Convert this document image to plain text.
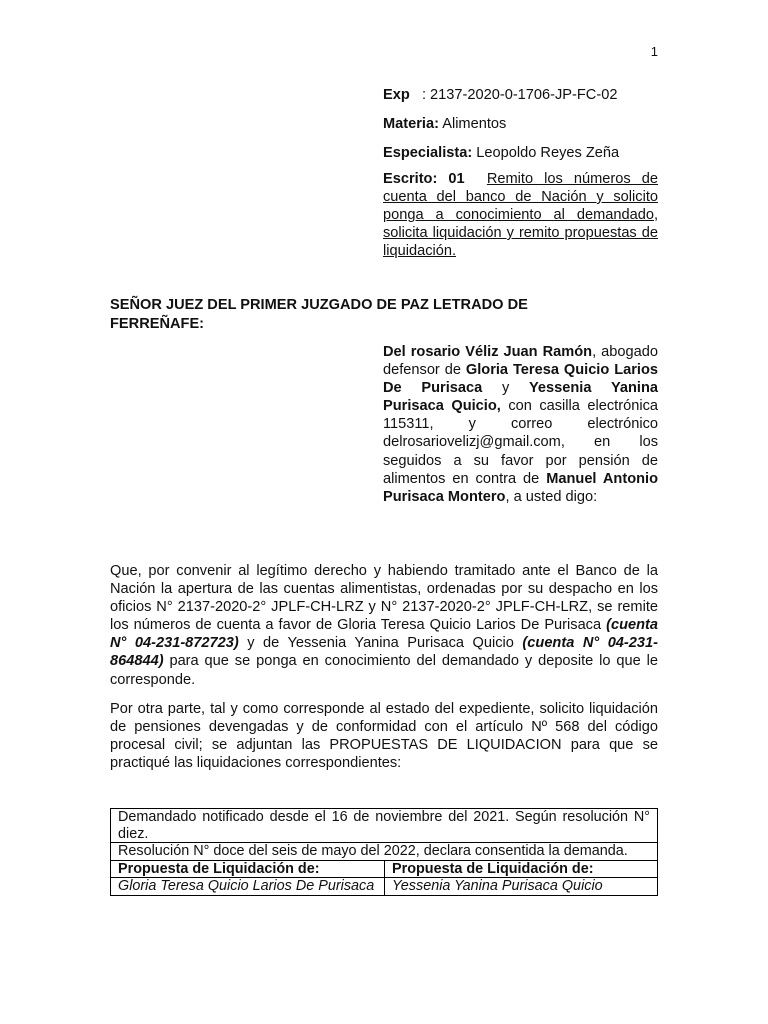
1
Exp : 2137-2020-0-1706-JP-FC-02
Materia: Alimentos
Especialista: Leopoldo Reyes Zeña
Escrito: 01 Remito los números de cuenta del banco de Nación y solicito ponga a conocimiento al demandado, solicita liquidación y remito propuestas de liquidación.
SEÑOR JUEZ DEL PRIMER JUZGADO DE PAZ LETRADO DE FERREÑAFE:
Del rosario Véliz Juan Ramón, abogado defensor de Gloria Teresa Quicio Larios De Purisaca y Yessenia Yanina Purisaca Quicio, con casilla electrónica 115311, y correo electrónico delrosariovelizj@gmail.com, en los seguidos a su favor por pensión de alimentos en contra de Manuel Antonio Purisaca Montero, a usted digo:
Que, por convenir al legítimo derecho y habiendo tramitado ante el Banco de la Nación la apertura de las cuentas alimentistas, ordenadas por su despacho en los oficios N° 2137-2020-2° JPLF-CH-LRZ y N° 2137-2020-2° JPLF-CH-LRZ, se remite los números de cuenta a favor de Gloria Teresa Quicio Larios De Purisaca (cuenta N° 04-231-872723) y de Yessenia Yanina Purisaca Quicio (cuenta N° 04-231-864844) para que se ponga en conocimiento del demandado y deposite lo que le corresponde.
Por otra parte, tal y como corresponde al estado del expediente, solicito liquidación de pensiones devengadas y de conformidad con el artículo Nº 568 del código procesal civil; se adjuntan las PROPUESTAS DE LIQUIDACION para que se practiqué las liquidaciones correspondientes:
Demandado notificado desde el 16 de noviembre del 2021. Según resolución N° diez.	
Resolución N° doce del seis de mayo del 2022, declara consentida la demanda.	
Propuesta de Liquidación de:	Propuesta de Liquidación de:
Gloria Teresa Quicio Larios De Purisaca	Yessenia Yanina Purisaca Quicio
